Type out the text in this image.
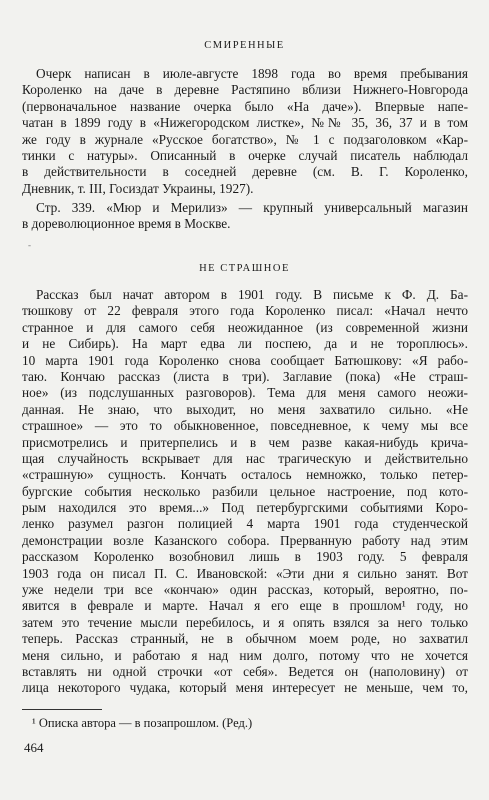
СМИРЕННЫЕ
Очерк написан в июле-августе 1898 года во время пребывания
Короленко на даче в деревне Растяпино вблизи Нижнего-Новгорода
(первоначальное название очерка было «На даче»). Впервые напе-
чатан в 1899 году в «Нижегородском листке», №№ 35, 36, 37 и в том
же году в журнале «Русское богатство», № 1 с подзаголовком «Кар-
тинки с натуры». Описанный в очерке случай писатель наблюдал
в действительности в соседней деревне (см. В. Г. Короленко,
Дневник, т. III, Госиздат Украины, 1927).
Стр. 339. «Мюр и Мерилиз» — крупный универсальный магазин
в дореволюционное время в Москве.
‐
НЕ СТРАШНОЕ
Рассказ был начат автором в 1901 году. В письме к Ф. Д. Ба-
тюшкову от 22 февраля этого года Короленко писал: «Начал нечто
странное и для самого себя неожиданное (из современной жизни
и не Сибирь). На март едва ли поспею, да и не тороплюсь».
10 марта 1901 года Короленко снова сообщает Батюшкову: «Я рабо-
таю. Кончаю рассказ (листа в три). Заглавие (пока) «Не страш-
ное» (из подслушанных разговоров). Тема для меня самого неожи-
данная. Не знаю, что выходит, но меня захватило сильно. «Не
страшное» — это то обыкновенное, повседневное, к чему мы все
присмотрелись и притерпелись и в чем разве какая-нибудь крича-
щая случайность вскрывает для нас трагическую и действительно
«страшную» сущность. Кончать осталось немножко, только петер-
бургские события несколько разбили цельное настроение, под кото-
рым находился это время...» Под петербургскими событиями Коро-
ленко разумел разгон полицией 4 марта 1901 года студенческой
демонстрации возле Казанского собора. Прерванную работу над этим
рассказом Короленко возобновил лишь в 1903 году. 5 февраля
1903 года он писал П. С. Ивановской: «Эти дни я сильно занят. Вот
уже недели три все «кончаю» один рассказ, который, вероятно, по-
явится в феврале и марте. Начал я его еще в прошлом¹ году, но
затем это течение мысли перебилось, и я опять взялся за него только
теперь. Рассказ странный, не в обычном моем роде, но захватил
меня сильно, и работаю я над ним долго, потому что не хочется
вставлять ни одной строчки «от себя». Ведется он (наполовину) от
лица некоторого чудака, который меня интересует не меньше, чем то,
¹ Описка автора — в позапрошлом. (Ред.)
464
